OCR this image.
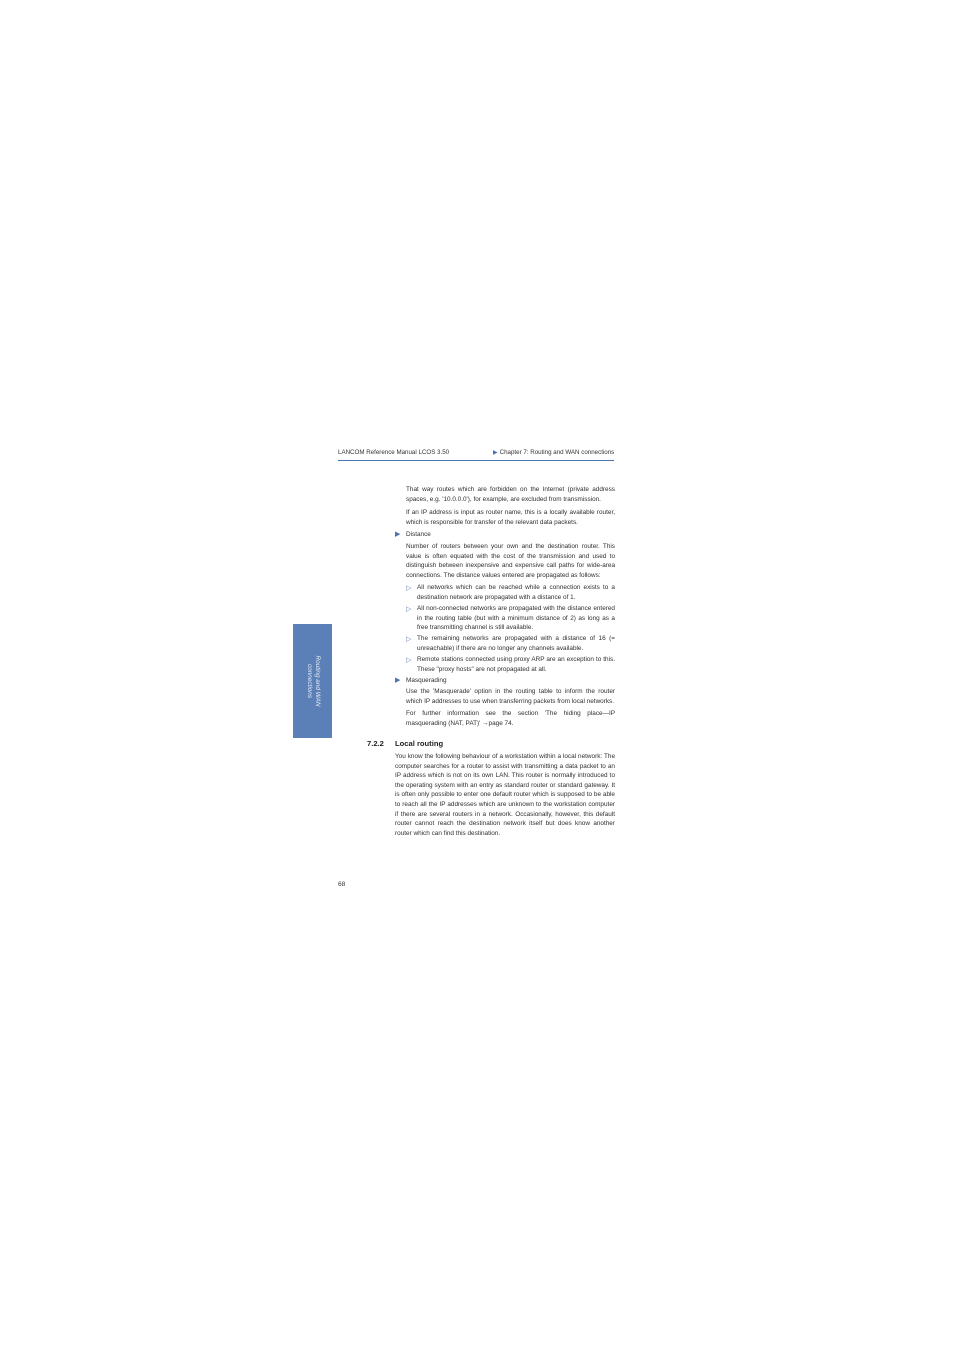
LANCOM Reference Manual LCOS 3.50	▶ Chapter 7: Routing and WAN connections
Routing and WAN
connections

That way routes which are forbidden on the Internet (private address spaces, e.g. '10.0.0.0'), for example, are excluded from transmission.

If an IP address is input as router name, this is a locally available router, which is responsible for transfer of the relevant data packets.

▶ Distance

Number of routers between your own and the destination router. This value is often equated with the cost of the transmission and used to distinguish between inexpensive and expensive call paths for wide-area connections. The distance values entered are propagated as follows:

▷ All networks which can be reached while a connection exists to a destination network are propagated with a distance of 1.

▷ All non-connected networks are propagated with the distance entered in the routing table (but with a minimum distance of 2) as long as a free transmitting channel is still available.

▷ The remaining networks are propagated with a distance of 16 (= unreachable) if there are no longer any channels available.

▷ Remote stations connected using proxy ARP are an exception to this. These "proxy hosts" are not propagated at all.

▶ Masquerading

Use the 'Masquerade' option in the routing table to inform the router which IP addresses to use when transferring packets from local networks.

For further information see the section 'The hiding place—IP masquerading (NAT, PAT)' →page 74.

7.2.2 Local routing

You know the following behaviour of a workstation within a local network: The computer searches for a router to assist with transmitting a data packet to an IP address which is not on its own LAN. This router is normally introduced to the operating system with an entry as standard router or standard gateway. It is often only possible to enter one default router which is supposed to be able to reach all the IP addresses which are unknown to the workstation computer if there are several routers in a network. Occasionally, however, this default router cannot reach the destination network itself but does know another router which can find this destination.

68
